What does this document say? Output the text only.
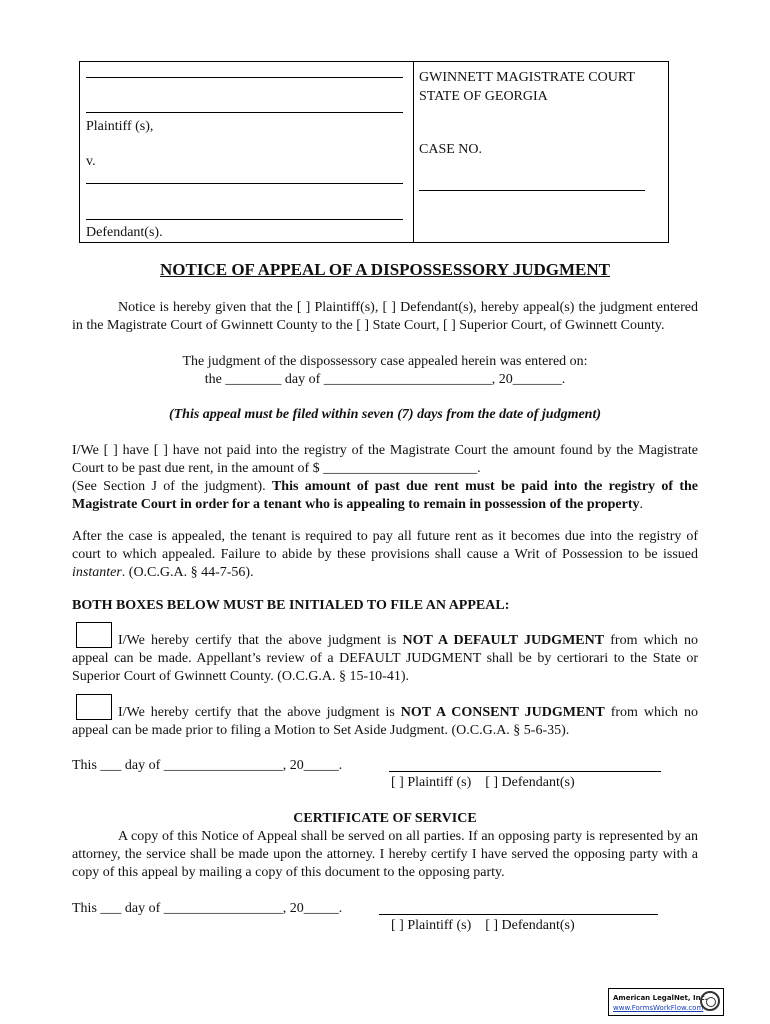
Plaintiff (s),
v.
Defendant(s).
GWINNETT MAGISTRATE COURT
STATE OF GEORGIA
CASE NO.
NOTICE OF APPEAL OF A DISPOSSESSORY JUDGMENT
Notice is hereby given that the [ ] Plaintiff(s), [ ] Defendant(s), hereby appeal(s) the judgment entered in the Magistrate Court of Gwinnett County to the [ ] State Court, [ ] Superior Court, of Gwinnett County.
The judgment of the dispossessory case appealed herein was entered on:
the ________ day of ________________________, 20_______.
(This appeal must be filed within seven (7) days from the date of judgment)
I/We [ ] have [ ] have not paid into the registry of the Magistrate Court the amount found by the Magistrate Court to be past due rent, in the amount of $ ______________________.
(See Section J of the judgment). This amount of past due rent must be paid into the registry of the Magistrate Court in order for a tenant who is appealing to remain in possession of the property.
After the case is appealed, the tenant is required to pay all future rent as it becomes due into the registry of court to which appealed. Failure to abide by these provisions shall cause a Writ of Possession to be issued instanter. (O.C.G.A. § 44-7-56).
BOTH BOXES BELOW MUST BE INITIALED TO FILE AN APPEAL:
I/We hereby certify that the above judgment is NOT A DEFAULT JUDGMENT from which no appeal can be made. Appellant’s review of a DEFAULT JUDGMENT shall be by certiorari to the State or Superior Court of Gwinnett County. (O.C.G.A. § 15-10-41).
I/We hereby certify that the above judgment is NOT A CONSENT JUDGMENT from which no appeal can be made prior to filing a Motion to Set Aside Judgment. (O.C.G.A. § 5-6-35).
This ___ day of _________________, 20_____.
[ ] Plaintiff (s)    [ ] Defendant(s)
CERTIFICATE OF SERVICE
A copy of this Notice of Appeal shall be served on all parties. If an opposing party is represented by an attorney, the service shall be made upon the attorney. I hereby certify I have served the opposing party with a copy of this appeal by mailing a copy of this document to the opposing party.
This ___ day of _________________, 20_____.
[ ] Plaintiff (s)    [ ] Defendant(s)
American LegalNet, Inc.
www.FormsWorkFlow.com
